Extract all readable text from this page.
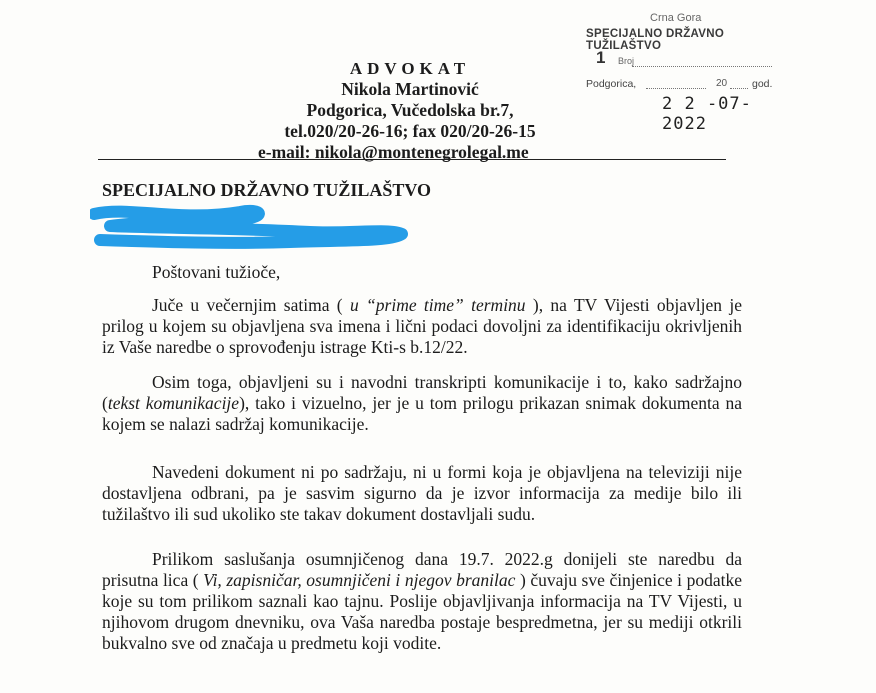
Crna Gora
SPECIJALNO DRŽAVNO TUŽILAŠTVO
1 Broj
Podgorica,	20 god.
2 2 -07- 2022
ADVOKAT
Nikola Martinović
Podgorica, Vučedolska br.7,
tel.020/20-26-16; fax 020/20-26-15
e-mail: nikola@montenegrolegal.me
SPECIJALNO DRŽAVNO TUŽILAŠTVO

Poštovani tužioče,

Juče u večernjim satima ( u “prime time” terminu ), na TV Vijesti objavljen je prilog u kojem su objavljena sva imena i lični podaci dovoljni za identifikaciju okrivljenih iz Vaše naredbe o sprovođenju istrage Kti-s b.12/22.

Osim toga, objavljeni su i navodni transkripti komunikacije i to, kako sadržajno (tekst komunikacije), tako i vizuelno, jer je u tom prilogu prikazan snimak dokumenta na kojem se nalazi sadržaj komunikacije.

Navedeni dokument ni po sadržaju, ni u formi koja je objavljena na televiziji nije dostavljena odbrani, pa je sasvim sigurno da je izvor informacija za medije bilo ili tužilaštvo ili sud ukoliko ste takav dokument dostavljali sudu.

Prilikom saslušanja osumnjičenog dana 19.7. 2022.g donijeli ste naredbu da prisutna lica ( Vi, zapisničar, osumnjičeni i njegov branilac ) čuvaju sve činjenice i podatke koje su tom prilikom saznali kao tajnu. Poslije objavljivanja informacija na TV Vijesti, u njihovom drugom dnevniku, ova Vaša naredba postaje bespredmetna, jer su mediji otkrili bukvalno sve od značaja u predmetu koji vodite.
